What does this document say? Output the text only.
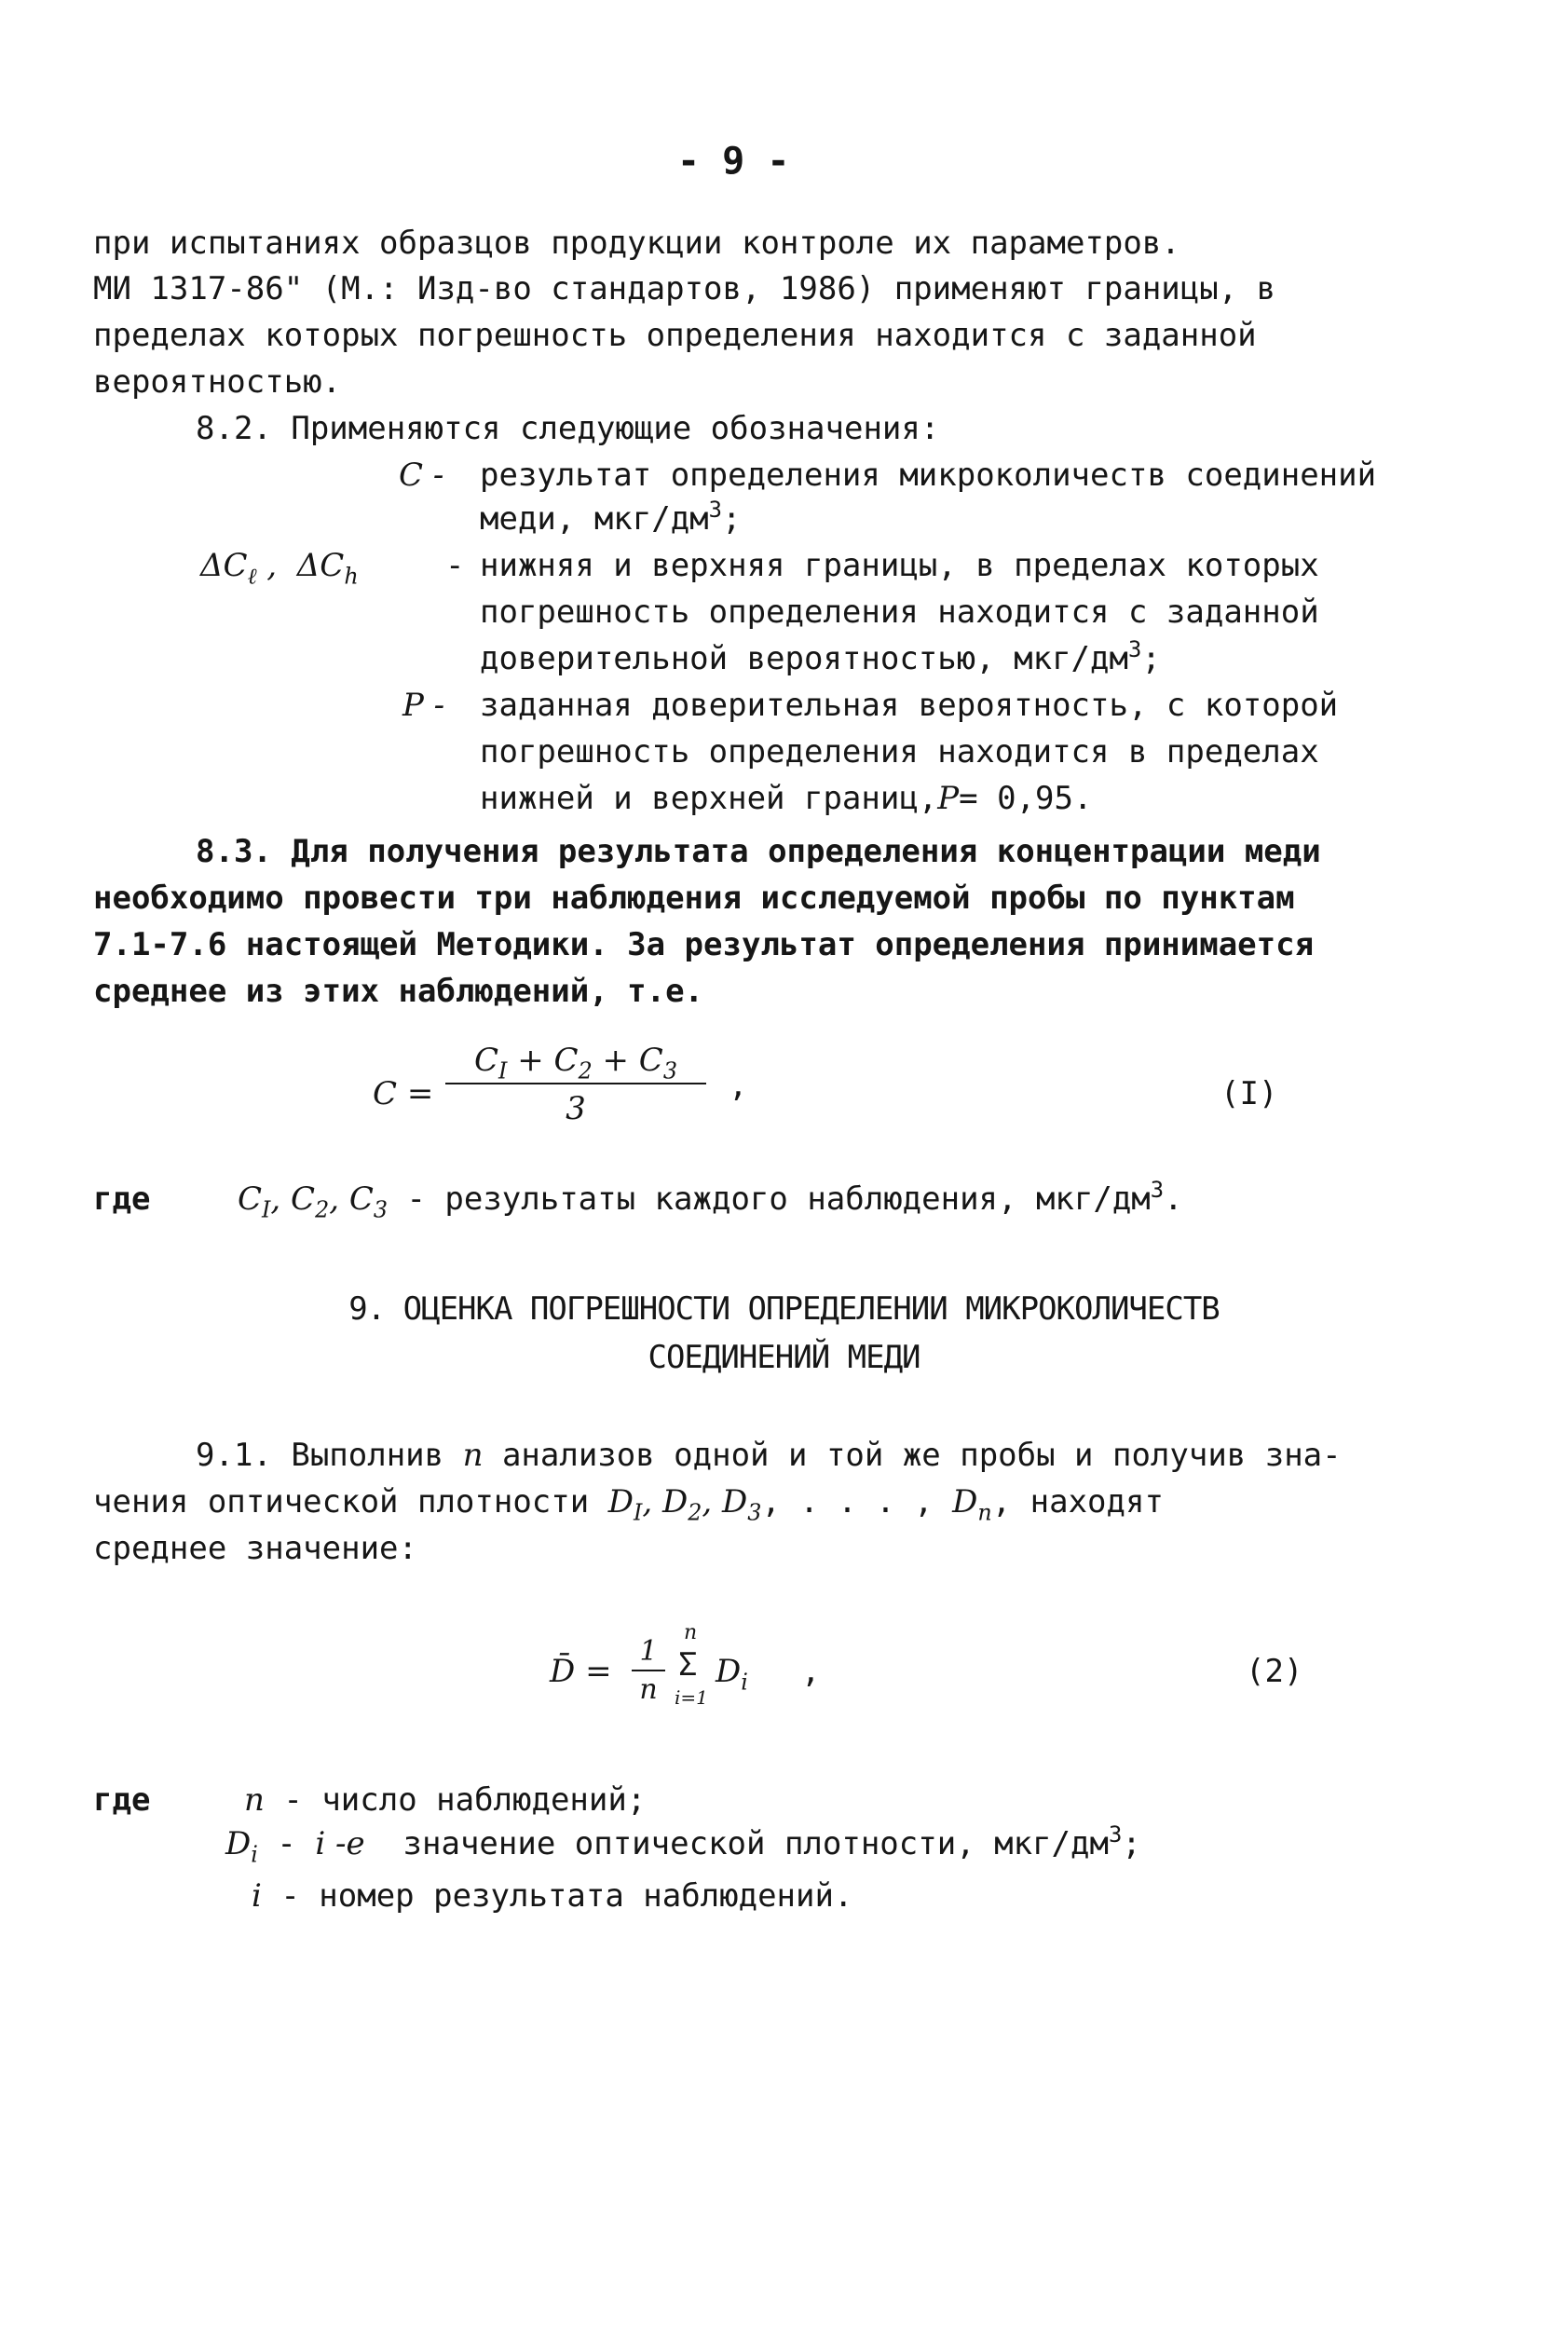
- 9 -
при испытаниях образцов продукции контроле их параметров.
МИ 1317-86" (М.: Изд-во стандартов, 1986) применяют границы, в
пределах которых погрешность определения находится с заданной
вероятностью.
8.2. Применяются следующие обозначения:
C - результат определения микроколичеств соединений
меди, мкг/$дм^3$;
$\Delta C_\ell$ ,  $\Delta C_h$	- нижняя и верхняя границы, в пределах которых
погрешность определения находится с заданной
доверительной вероятностью, мкг/$дм^3$;
P - заданная доверительная вероятность, с которой
погрешность определения находится в пределах
нижней и верхней границ,P= 0,95.
8.3. Для получения результата определения концентрации меди
необходимо провести три наблюдения исследуемой пробы по пунктам
7.1-7.6 настоящей Методики. За результат определения принимается
среднее из этих наблюдений, т.е.
$C = \frac{C_I + C_2 + C_3}{3}$ ,	(I)
где	$C_I$, $C_2$, $C_3$ - результаты каждого наблюдения, мкг/$дм^3$.
9. ОЦЕНКА ПОГРЕШНОСТИ ОПРЕДЕЛЕНИИ МИКРОКОЛИЧЕСТВ
СОЕДИНЕНИЙ МЕДИ
9.1. Выполнив n анализов одной и той же пробы и получив зна-
чения оптической плотности $D_I$, $D_2$, $D_3$, . . . , $D_n$, находят
среднее значение:
D̄ = $\frac{1}{n}$
n
Σ
i=1
$D_i$ ,	(2)
где	n - число наблюдений;
$D_i$ - i -e  значение оптической плотности, мкг/$дм^3$;
i - номер результата наблюдений.
